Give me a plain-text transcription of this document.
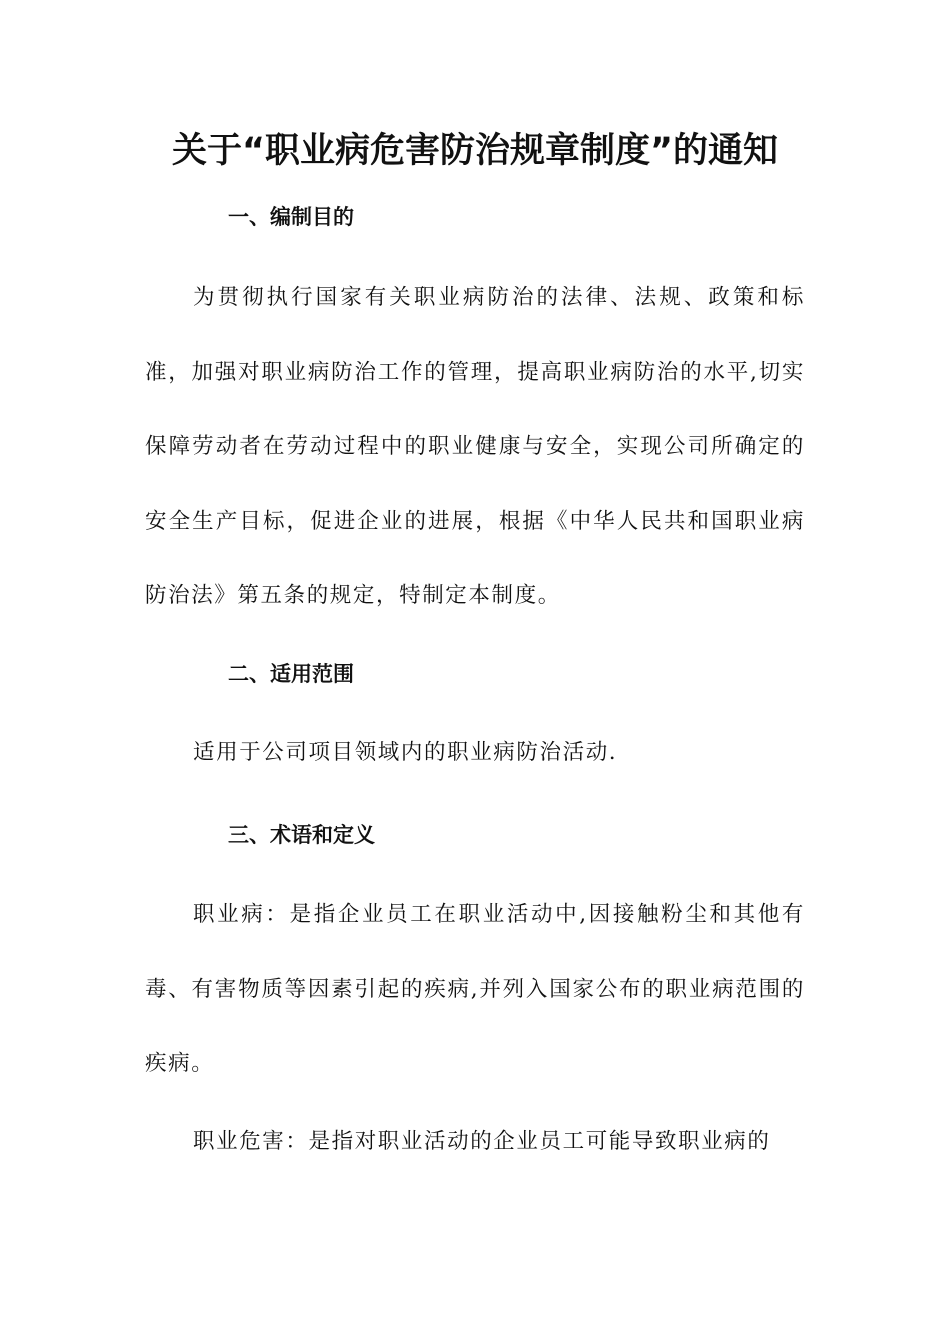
关于“职业病危害防治规章制度”的通知
一、编制目的

为贯彻执行国家有关职业病防治的法律、法规、政策和标准，加强对职业病防治工作的管理，提高职业病防治的水平,切实保障劳动者在劳动过程中的职业健康与安全，实现公司所确定的安全生产目标，促进企业的进展，根据《中华人民共和国职业病防治法》第五条的规定，特制定本制度。

二、适用范围

适用于公司项目领域内的职业病防治活动.

三、术语和定义

职业病：是指企业员工在职业活动中,因接触粉尘和其他有毒、有害物质等因素引起的疾病,并列入国家公布的职业病范围的疾病。

职业危害：是指对职业活动的企业员工可能导致职业病的
